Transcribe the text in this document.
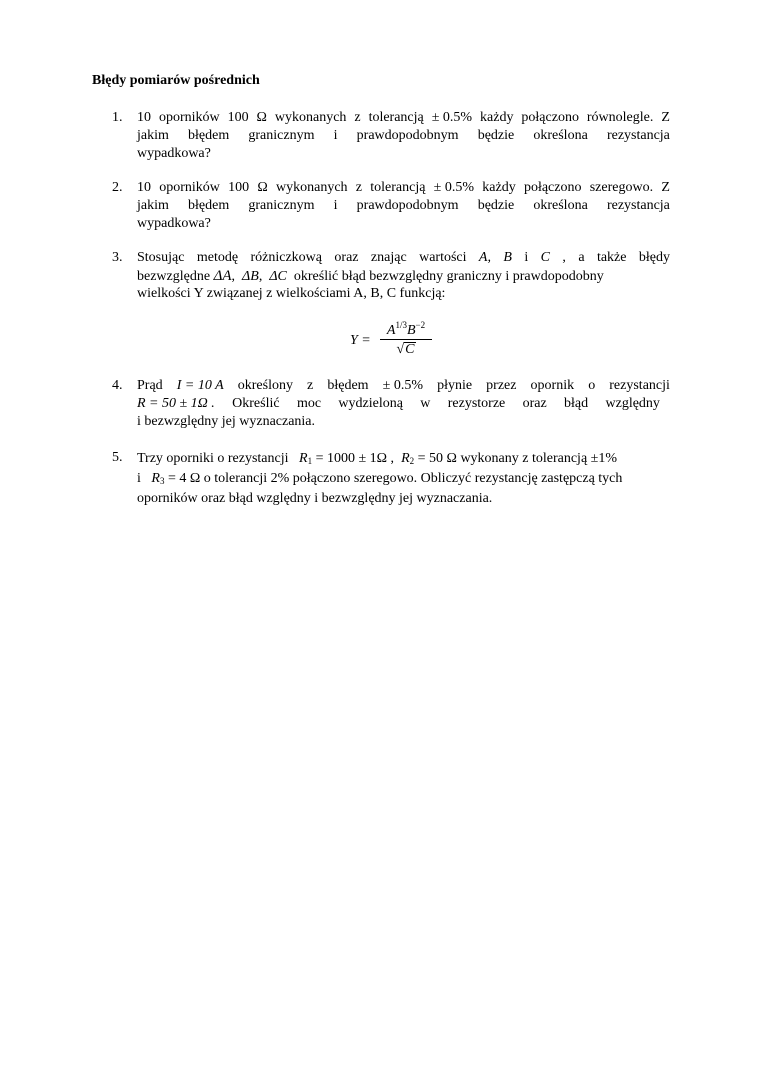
Błędy pomiarów pośrednich
1. 10 oporników 100 Ω wykonanych z tolerancją ± 0.5% każdy połączono równolegle. Z
jakim błędem granicznym i prawdopodobnym będzie określona rezystancja
wypadkowa?
2. 10 oporników 100 Ω wykonanych z tolerancją ± 0.5% każdy połączono szeregowo. Z
jakim błędem granicznym i prawdopodobnym będzie określona rezystancja
wypadkowa?
3. Stosując metodę różniczkową oraz znając wartości A, B i C , a także błędy
bezwzględne ΔA,  ΔB,  ΔC określić błąd bezwzględny graniczny i prawdopodobny
wielkości Y związanej z wielkościami A, B, C funkcją:
4. Prąd I = 10 A określony z błędem ± 0.5% płynie przez opornik o rezystancji
R = 50 ± 1Ω . Określić moc wydzieloną w rezystorze oraz błąd względny
i bezwzględny jej wyznaczania.
5. Trzy oporniki o rezystancji $R_1 = 1000 \pm 1\Omega$ , $R_2 = 50$ Ω wykonany z tolerancją ±1%
i $R_3 = 4$ Ω o tolerancji 2% połączono szeregowo. Obliczyć rezystancję zastępczą tych
oporników oraz błąd względny i bezwzględny jej wyznaczania.
Y =
$A^{1/3}B^{-2}$
√C
